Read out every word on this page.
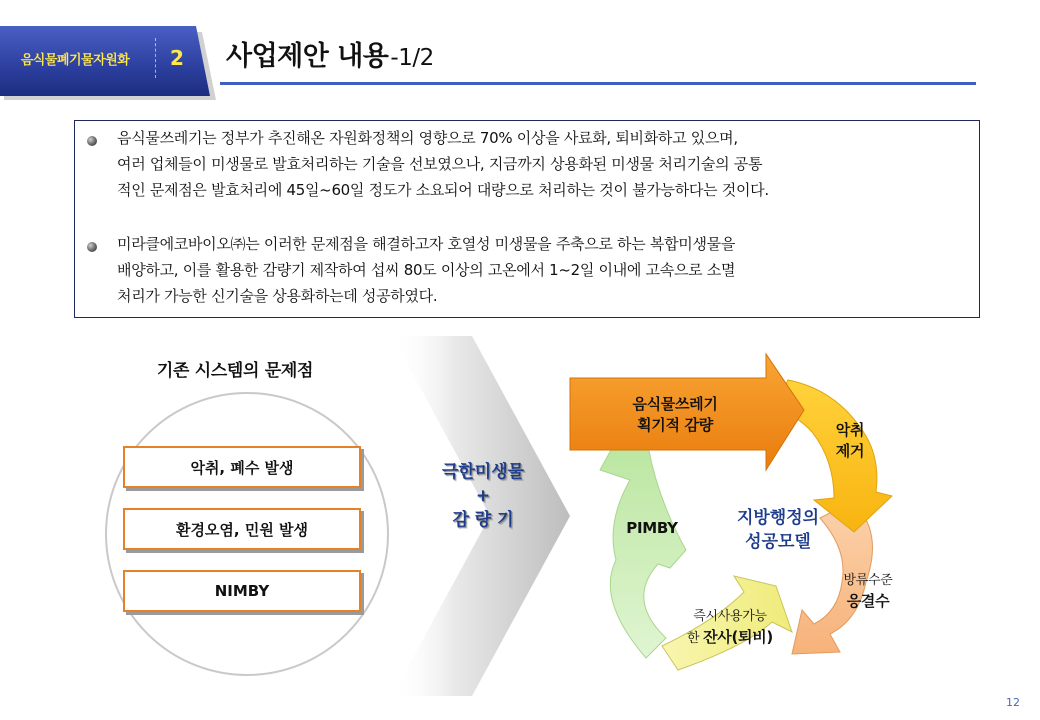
음식물폐기물자원화	2	사업제안 내용 -1/2
음식물쓰레기는 정부가 추진해온 자원화정책의 영향으로 70% 이상을 사료화, 퇴비화하고 있으며,
여러 업체들이 미생물로 발효처리하는 기술을 선보였으나, 지금까지 상용화된 미생물 처리기술의 공통
적인 문제점은 발효처리에 45일~60일 정도가 소요되어 대량으로 처리하는 것이 불가능하다는 것이다.
미라클에코바이오㈜는 이러한 문제점을 해결하고자 호열성 미생물을 주축으로 하는 복합미생물을
배양하고, 이를 활용한 감량기 제작하여 섭씨 80도 이상의 고온에서 1~2일 이내에 고속으로 소멸
처리가 가능한 신기술을 상용화하는데 성공하였다.
기존 시스템의 문제점
악취, 폐수 발생
환경오염, 민원 발생
NIMBY
극한미생물
+
감 량 기
음식물쓰레기
획기적 감량	악취
제거
방류수준
응결수
즉시사용가능
한 잔사(퇴비)
PIMBY	지방행정의
성공모델
12
